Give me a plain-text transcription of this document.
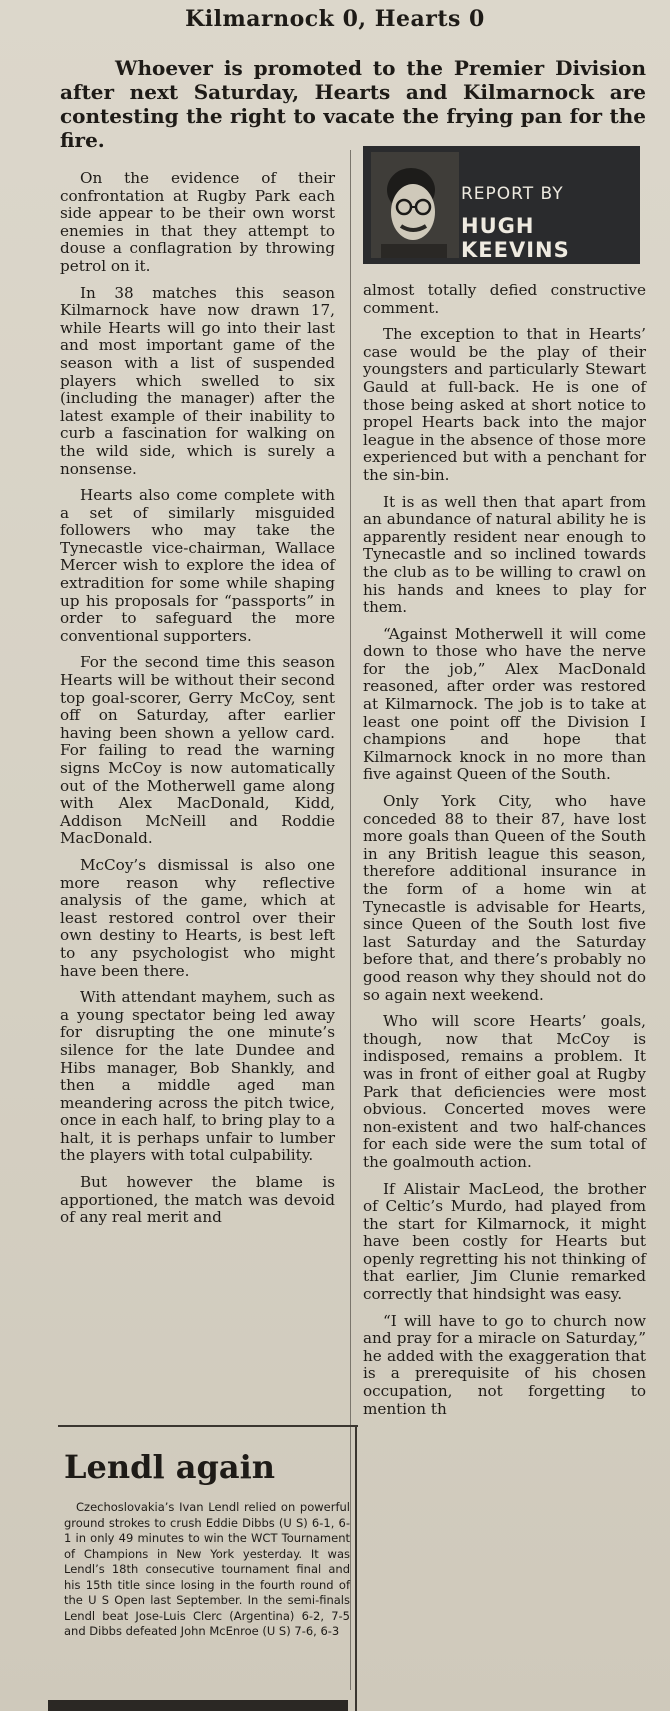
Kilmarnock 0, Hearts 0
Whoever is promoted to the Premier Division after next Saturday, Hearts and Kilmarnock are contesting the right to vacate the frying pan for the fire.
REPORT BY
HUGH KEEVINS

On the evidence of their confrontation at Rugby Park each side appear to be their own worst enemies in that they attempt to douse a conflagration by throwing petrol on it.

In 38 matches this season Kilmarnock have now drawn 17, while Hearts will go into their last and most important game of the season with a list of suspended players which swelled to six (including the manager) after the latest example of their inability to curb a fascination for walking on the wild side, which is surely a nonsense.

Hearts also come complete with a set of similarly misguided followers who may take the Tynecastle vice-chairman, Wallace Mercer wish to explore the idea of extradition for some while shaping up his proposals for “passports” in order to safeguard the more conventional supporters.

For the second time this season Hearts will be without their second top goal-scorer, Gerry McCoy, sent off on Saturday, after earlier having been shown a yellow card. For failing to read the warning signs McCoy is now automatically out of the Motherwell game along with Alex MacDonald, Kidd, Addison McNeill and Roddie MacDonald.

McCoy’s dismissal is also one more reason why reflective analysis of the game, which at least restored control over their own destiny to Hearts, is best left to any psychologist who might have been there.

With attendant mayhem, such as a young spectator being led away for disrupting the one minute’s silence for the late Dundee and Hibs manager, Bob Shankly, and then a middle aged man meandering across the pitch twice, once in each half, to bring play to a halt, it is perhaps unfair to lumber the players with total culpability.

But however the blame is apportioned, the match was devoid of any real merit and

almost totally defied constructive comment.

The exception to that in Hearts’ case would be the play of their youngsters and particularly Stewart Gauld at full-back. He is one of those being asked at short notice to propel Hearts back into the major league in the absence of those more experienced but with a penchant for the sin-bin.

It is as well then that apart from an abundance of natural ability he is apparently resident near enough to Tynecastle and so inclined towards the club as to be willing to crawl on his hands and knees to play for them.

“Against Motherwell it will come down to those who have the nerve for the job,” Alex MacDonald reasoned, after order was restored at Kilmarnock. The job is to take at least one point off the Division I champions and hope that Kilmarnock knock in no more than five against Queen of the South.

Only York City, who have conceded 88 to their 87, have lost more goals than Queen of the South in any British league this season, therefore additional insurance in the form of a home win at Tynecastle is advisable for Hearts, since Queen of the South lost five last Saturday and the Saturday before that, and there’s probably no good reason why they should not do so again next weekend.

Who will score Hearts’ goals, though, now that McCoy is indisposed, remains a problem. It was in front of either goal at Rugby Park that deficiencies were most obvious. Concerted moves were non-existent and two half-chances for each side were the sum total of the goalmouth action.

If Alistair MacLeod, the brother of Celtic’s Murdo, had played from the start for Kilmarnock, it might have been costly for Hearts but openly regretting his not thinking of that earlier, Jim Clunie remarked correctly that hindsight was easy.

“I will have to go to church now and pray for a miracle on Saturday,” he added with the exaggeration that is a prerequisite of his chosen occupation, not forgetting to mention th

Lendl again
Czechoslovakia’s Ivan Lendl relied on powerful ground strokes to crush Eddie Dibbs (U S) 6-1, 6-1 in only 49 minutes to win the WCT Tournament of Champions in New York yesterday. It was Lendl’s 18th consecutive tournament final and his 15th title since losing in the fourth round of the U S Open last September. In the semi-finals Lendl beat Jose-Luis Clerc (Argentina) 6-2, 7-5 and Dibbs defeated John McEnroe (U S) 7-6, 6-3
